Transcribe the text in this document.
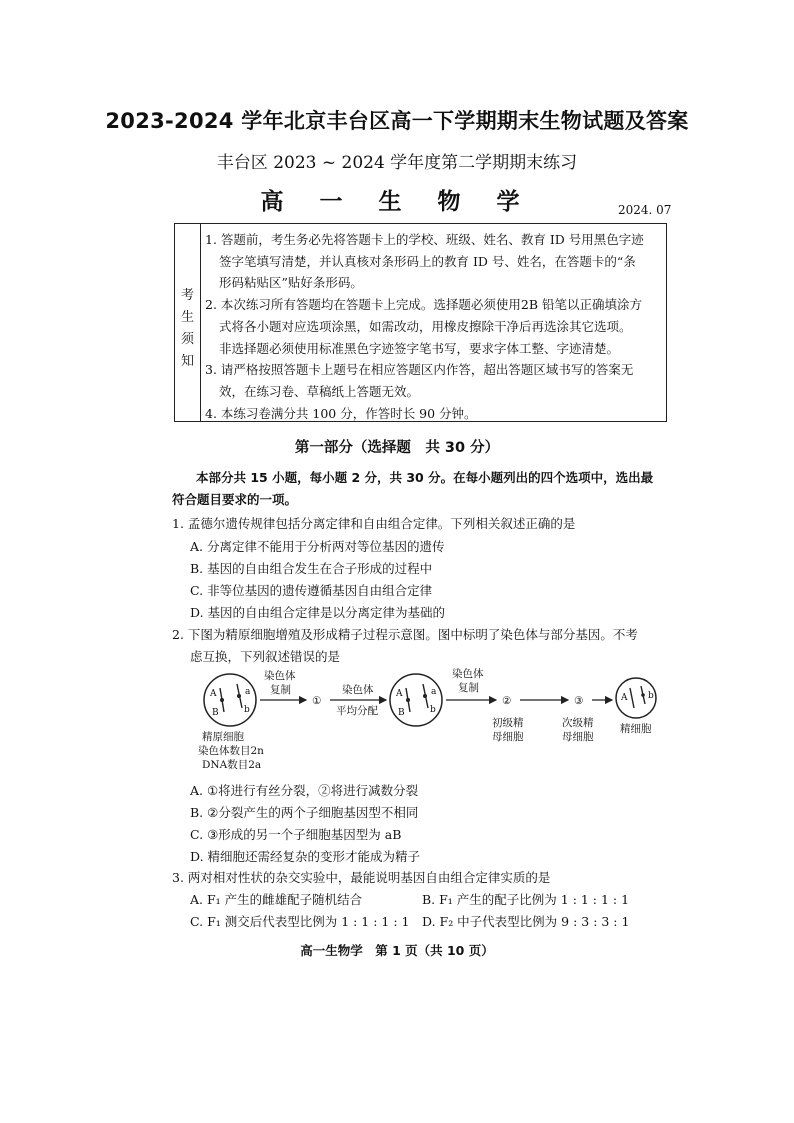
2023-2024 学年北京丰台区高一下学期期末生物试题及答案
丰台区 2023 ~ 2024 学年度第二学期期末练习
高 一 生 物 学	2024. 07
考
生
须
知
1. 答题前，考生务必先将答题卡上的学校、班级、姓名、教育 ID 号用黑色字迹
签字笔填写清楚，并认真核对条形码上的教育 ID 号、姓名，在答题卡的“条
形码粘贴区”贴好条形码。
2. 本次练习所有答题均在答题卡上完成。选择题必须使用2B 铅笔以正确填涂方
式将各小题对应选项涂黑，如需改动，用橡皮擦除干净后再选涂其它选项。
非选择题必须使用标准黑色字迹签字笔书写，要求字体工整、字迹清楚。
3. 请严格按照答题卡上题号在相应答题区内作答，超出答题区域书写的答案无
效，在练习卷、草稿纸上答题无效。
4. 本练习卷满分共 100 分，作答时长 90 分钟。
第一部分（选择题　共 30 分）
本部分共 15 小题，每小题 2 分，共 30 分。在每小题列出的四个选项中，选出最
符合题目要求的一项。
1. 孟德尔遗传规律包括分离定律和自由组合定律。下列相关叙述正确的是
A. 分离定律不能用于分析两对等位基因的遗传
B. 基因的自由组合发生在合子形成的过程中
C. 非等位基因的遗传遵循基因自由组合定律
D. 基因的自由组合定律是以分离定律为基础的
2. 下图为精原细胞增殖及形成精子过程示意图。图中标明了染色体与部分基因。不考
虑互换，下列叙述错误的是
A	a
B	b
精原细胞
染色体数目2n
DNA数目2a
染色体
复制
①
染色体
平均分配
A	a
B	b
染色体
复制
②
初级精
母细胞
③
次级精
母细胞
A b
精细胞
A. ①将进行有丝分裂，②将进行减数分裂
B. ②分裂产生的两个子细胞基因型不相同
C. ③形成的另一个子细胞基因型为 aB
D. 精细胞还需经复杂的变形才能成为精子
3. 两对相对性状的杂交实验中，最能说明基因自由组合定律实质的是
A. F₁ 产生的雌雄配子随机结合	B. F₁ 产生的配子比例为 1 : 1 : 1 : 1
C. F₁ 测交后代表型比例为 1 : 1 : 1 : 1 D. F₂ 中子代表型比例为 9 : 3 : 3 : 1
高一生物学　第 1 页（共 10 页）
